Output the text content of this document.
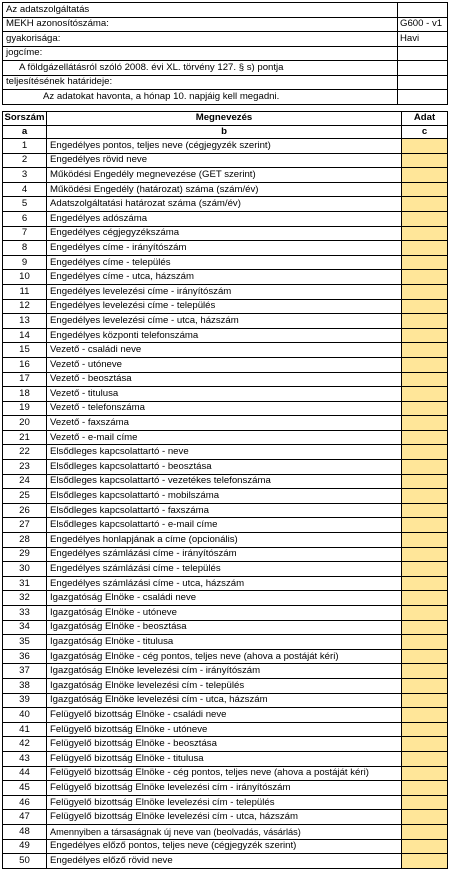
Az adatszolgáltatás	
MEKH azonosítószáma:	G600 - v1
gyakorisága:	Havi
jogcíme:	
A földgázellátásról szóló 2008. évi XL. törvény 127. § s) pontja	
teljesítésének határideje:	
Az adatokat havonta, a hónap 10. napjáig kell megadni.	
Sorszám	Megnevezés	Adat
a	b	c
1	Engedélyes pontos, teljes neve (cégjegyzék szerint)	
2	Engedélyes rövid neve	
3	Működési Engedély megnevezése (GET szerint)	
4	Működési Engedély (határozat) száma (szám/év)	
5	Adatszolgáltatási határozat száma (szám/év)	
6	Engedélyes adószáma	
7	Engedélyes cégjegyzékszáma	
8	Engedélyes címe - irányítószám	
9	Engedélyes címe - település	
10	Engedélyes címe - utca, házszám	
11	Engedélyes levelezési címe - irányítószám	
12	Engedélyes levelezési címe - település	
13	Engedélyes levelezési címe - utca, házszám	
14	Engedélyes központi telefonszáma	
15	Vezető - családi neve	
16	Vezető - utóneve	
17	Vezető - beosztása	
18	Vezető - titulusa	
19	Vezető - telefonszáma	
20	Vezető - faxszáma	
21	Vezető - e-mail címe	
22	Elsődleges kapcsolattartó - neve	
23	Elsődleges kapcsolattartó - beosztása	
24	Elsődleges kapcsolattartó - vezetékes telefonszáma	
25	Elsődleges kapcsolattartó - mobilszáma	
26	Elsődleges kapcsolattartó - faxszáma	
27	Elsődleges kapcsolattartó - e-mail címe	
28	Engedélyes honlapjának a címe (opcionális)	
29	Engedélyes számlázási címe - irányítószám	
30	Engedélyes számlázási címe - település	
31	Engedélyes számlázási címe - utca, házszám	
32	Igazgatóság Elnöke - családi neve	
33	Igazgatóság Elnöke - utóneve	
34	Igazgatóság Elnöke - beosztása	
35	Igazgatóság Elnöke - titulusa	
36	Igazgatóság Elnöke - cég pontos, teljes neve (ahova a postáját kéri)	
37	Igazgatóság Elnöke levelezési cím - irányítószám	
38	Igazgatóság Elnöke levelezési cím - település	
39	Igazgatóság Elnöke levelezési cím - utca, házszám	
40	Felügyelő bizottság Elnöke - családi neve	
41	Felügyelő bizottság Elnöke - utóneve	
42	Felügyelő bizottság Elnöke - beosztása	
43	Felügyelő bizottság Elnöke - titulusa	
44	Felügyelő bizottság Elnöke - cég pontos, teljes neve (ahova a postáját kéri)	
45	Felügyelő bizottság Elnöke levelezési cím - irányítószám	
46	Felügyelő bizottság Elnöke levelezési cím - település	
47	Felügyelő bizottság Elnöke levelezési cím - utca, házszám	
48	Amennyiben a társaságnak új neve van (beolvadás, vásárlás)	
49	Engedélyes előző pontos, teljes neve (cégjegyzék szerint)	
50	Engedélyes előző rövid neve	
